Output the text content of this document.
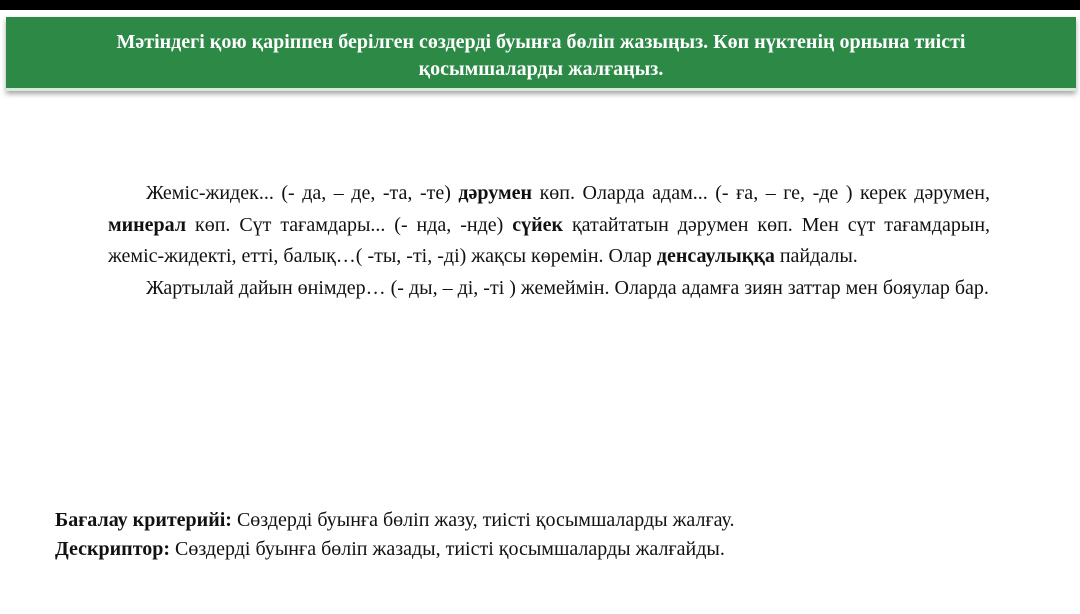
Мәтіндегі қою қаріппен берілген сөздерді буынға бөліп жазыңыз. Көп нүктенің орнына тиісті
қосымшаларды жалғаңыз.

Жеміс-жидек... (- да, – де, -та, -те) дәрумен көп. Оларда адам... (- ға, – ге, -де ) керек дәрумен, минерал көп. Сүт тағамдары... (- нда, -нде) сүйек қатайтатын дәрумен көп. Мен сүт тағамдарын, жеміс-жидекті, етті, балық…( -ты, -ті, -ді) жақсы көремін. Олар денсаулыққа пайдалы.

Жартылай дайын өнімдер… (- ды, – ді, -ті ) жемеймін. Оларда адамға зиян заттар мен бояулар бар.

Бағалау критерийі: Сөздерді буынға бөліп жазу, тиісті қосымшаларды жалғау.
Дескриптор: Сөздерді буынға бөліп жазады, тиісті қосымшаларды жалғайды.
